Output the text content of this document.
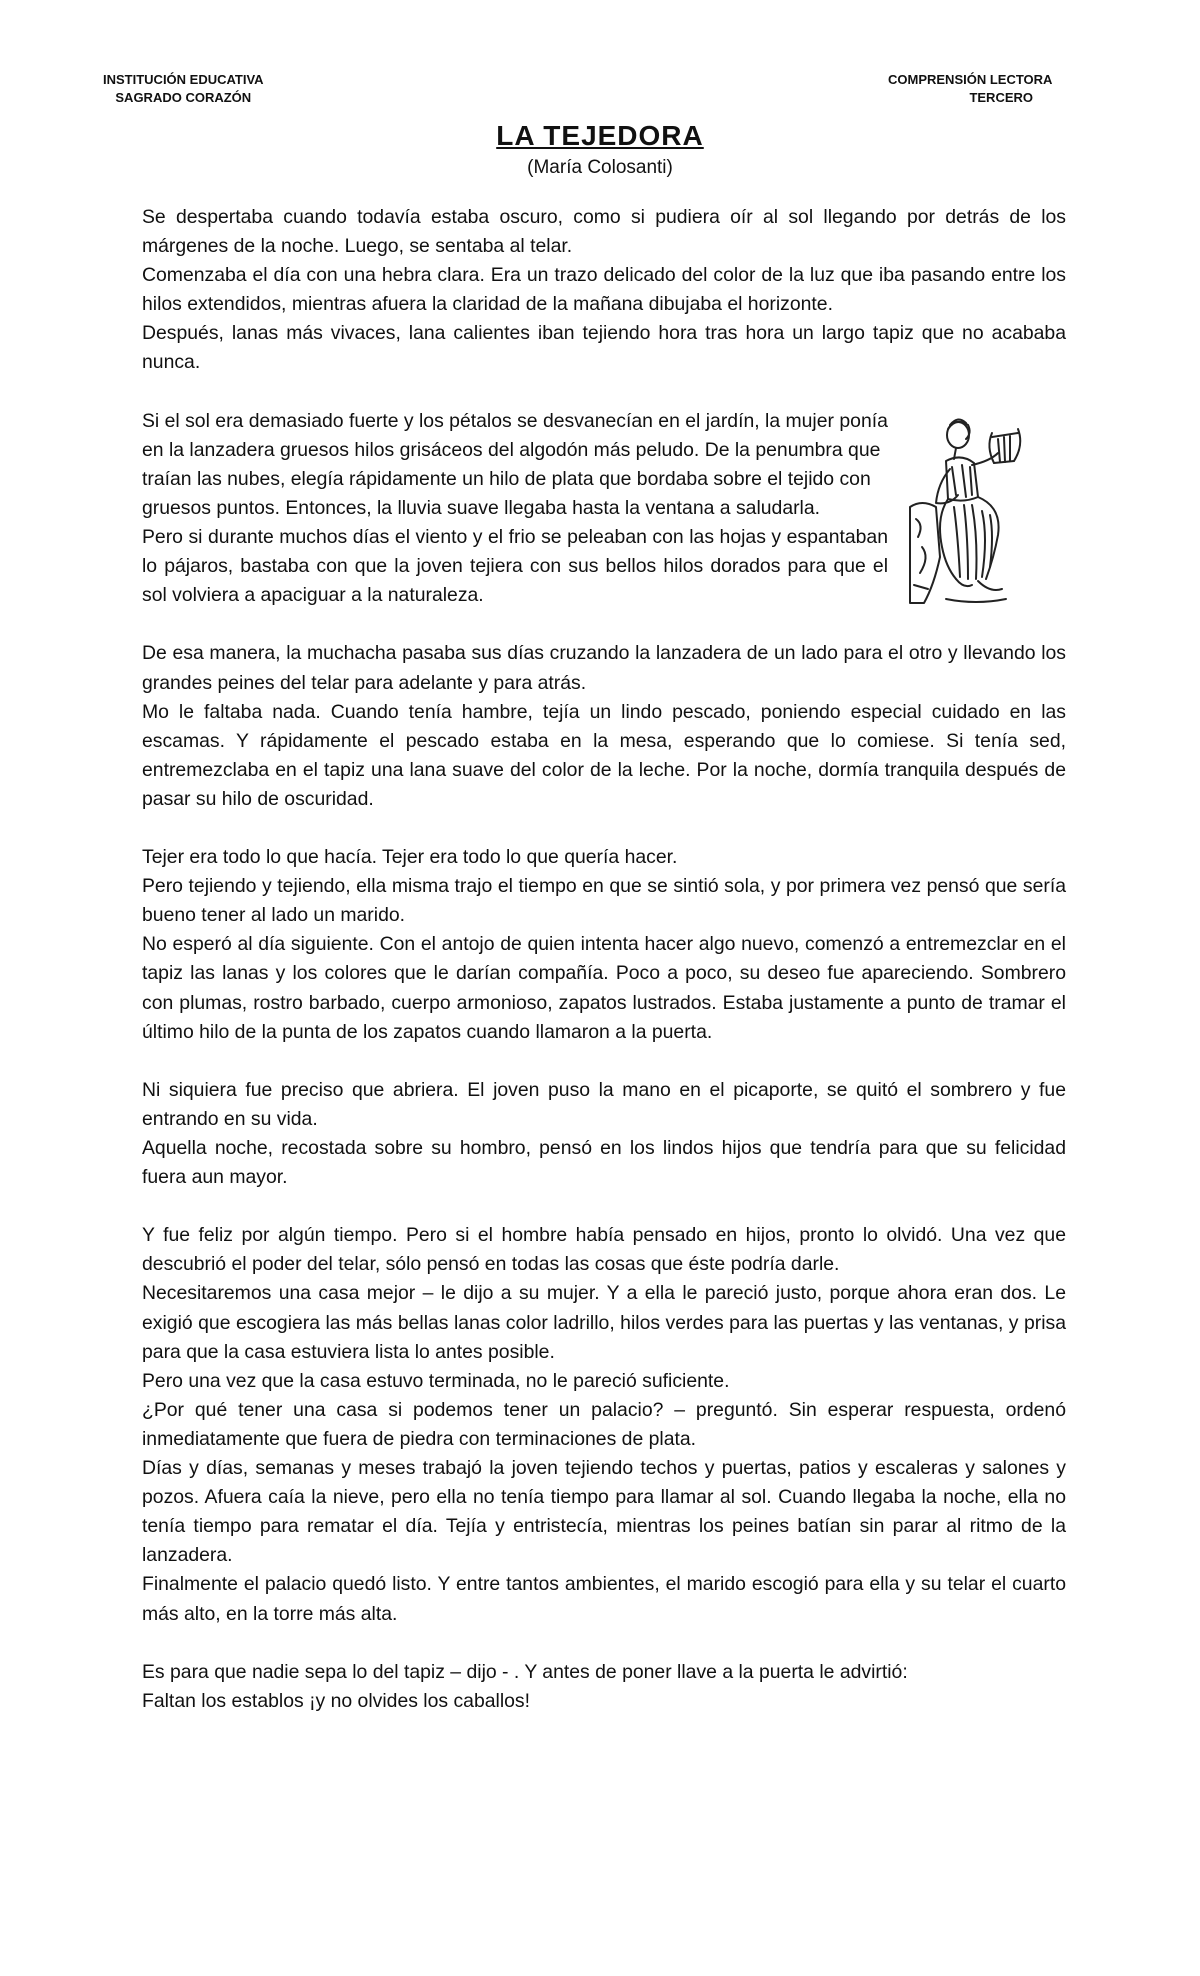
INSTITUCIÓN EDUCATIVA
SAGRADO CORAZÓN
COMPRENSIÓN LECTORA
TERCERO
LA TEJEDORA
(María Colosanti)

Se despertaba cuando todavía estaba oscuro, como si pudiera oír al sol llegando por detrás de los márgenes de la noche. Luego, se sentaba al telar.

Comenzaba el día con una hebra clara. Era un trazo delicado del color de la luz que iba pasando entre los hilos extendidos, mientras afuera la claridad de la mañana dibujaba el horizonte.

Después, lanas más vivaces, lana calientes iban tejiendo hora tras hora un largo tapiz que no acababa nunca.

Si el sol era demasiado fuerte y los pétalos se desvanecían en el jardín, la mujer ponía en la lanzadera gruesos hilos grisáceos del algodón más peludo. De la penumbra que traían las nubes, elegía rápidamente un hilo de plata que bordaba sobre el tejido con gruesos puntos. Entonces, la lluvia suave llegaba hasta la ventana a saludarla.

Pero si durante muchos días el viento y el frio se peleaban con las hojas y espantaban lo pájaros, bastaba con que la joven tejiera con sus bellos hilos dorados para que el sol volviera a apaciguar a la naturaleza.

De esa manera, la muchacha pasaba sus días cruzando la lanzadera de un lado para el otro y llevando los grandes peines del telar para adelante y para atrás.

Mo le faltaba nada. Cuando tenía hambre, tejía un lindo pescado, poniendo especial cuidado en las escamas. Y rápidamente el pescado estaba en la mesa, esperando que lo comiese. Si tenía sed, entremezclaba en el tapiz una lana suave del color de la leche. Por la noche, dormía tranquila después de pasar su hilo de oscuridad.

Tejer era todo lo que hacía. Tejer era todo lo que quería hacer.

Pero tejiendo y tejiendo, ella misma trajo el tiempo en que se sintió sola, y por primera vez pensó que sería bueno tener al lado un marido.

No esperó al día siguiente. Con el antojo de quien intenta hacer algo nuevo, comenzó a entremezclar en el tapiz las lanas y los colores que le darían compañía. Poco a poco, su deseo fue apareciendo. Sombrero con plumas, rostro barbado, cuerpo armonioso, zapatos lustrados. Estaba justamente a punto de tramar el último hilo de la punta de los zapatos cuando llamaron a la puerta.

Ni siquiera fue preciso que abriera. El joven puso la mano en el picaporte, se quitó el sombrero y fue entrando en su vida.

Aquella noche, recostada sobre su hombro, pensó en los lindos hijos que tendría para que su felicidad fuera aun mayor.

Y fue feliz por algún tiempo. Pero si el hombre había pensado en hijos, pronto lo olvidó. Una vez que descubrió el poder del telar, sólo pensó en todas las cosas que éste podría darle.

Necesitaremos una casa mejor – le dijo a su mujer. Y a ella le pareció justo, porque ahora eran dos. Le exigió que escogiera las más bellas lanas color ladrillo, hilos verdes para las puertas y las ventanas, y prisa para que la casa estuviera lista lo antes posible.

Pero una vez que la casa estuvo terminada, no le pareció suficiente.

¿Por qué tener una casa si podemos tener un palacio? – preguntó. Sin esperar respuesta, ordenó inmediatamente que fuera de piedra con terminaciones de plata.

Días y días, semanas y meses trabajó la joven tejiendo techos y puertas, patios y escaleras y salones y pozos. Afuera caía la nieve, pero ella no tenía tiempo para llamar al sol. Cuando llegaba la noche, ella no tenía tiempo para rematar el día. Tejía y entristecía, mientras los peines batían sin parar al ritmo de la lanzadera.

Finalmente el palacio quedó listo. Y entre tantos ambientes, el marido escogió para ella y su telar el cuarto más alto, en la torre más alta.

Es para que nadie sepa lo del tapiz – dijo - . Y antes de poner llave a la puerta le advirtió:

Faltan los establos ¡y no olvides los caballos!
